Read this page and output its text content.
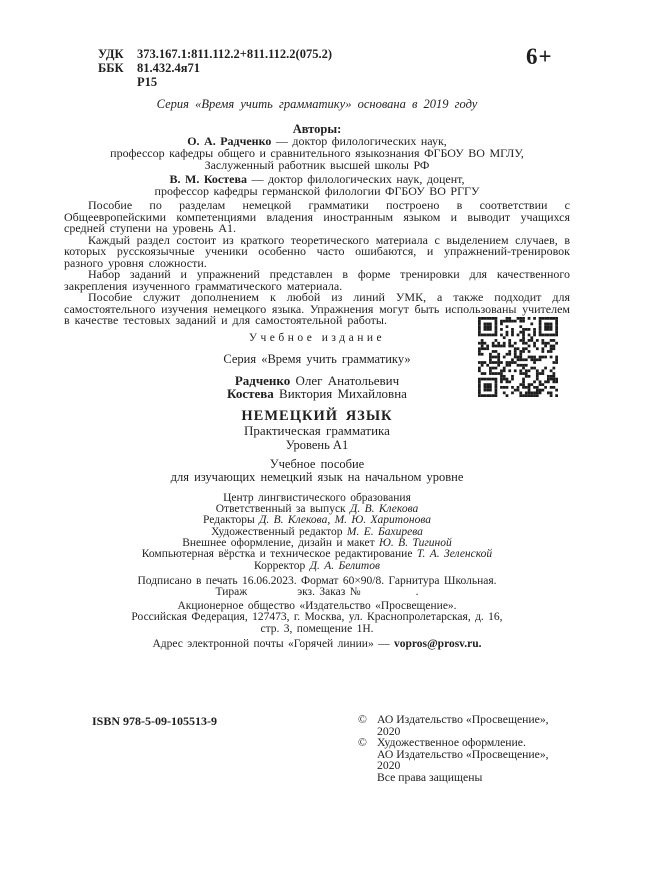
6+
УДК	373.167.1:811.112.2+811.112.2(075.2)
ББК	81.432.4я71
Р15
Серия «Время учить грамматику» основана в 2019 году
Авторы:
О. А. Радченко — доктор филологических наук,
профессор кафедры общего и сравнительного языкознания ФГБОУ ВО МГЛУ,
Заслуженный работник высшей школы РФ
В. М. Костева — доктор филологических наук, доцент,
профессор кафедры германской филологии ФГБОУ ВО РГГУ

Пособие по разделам немецкой грамматики построено в соответствии с Общеевропейскими компетенциями владения иностранным языком и выводит учащихся средней ступени на уровень А1.

Каждый раздел состоит из краткого теоретического материала с выделением случаев, в которых русскоязычные ученики особенно часто ошибаются, и упражнений-тренировок разного уровня сложности.

Набор заданий и упражнений представлен в форме тренировки для качественного закрепления изученного грамматического материала.

Пособие служит дополнением к любой из линий УМК, а также подходит для самостоятельного изучения немецкого языка. Упражнения могут быть использованы учителем в качестве тестовых заданий и для самостоятельной работы.

Учебное издание
Серия «Время учить грамматику»
Радченко Олег Анатольевич
Костева Виктория Михайловна
НЕМЕЦКИЙ ЯЗЫК
Практическая грамматика
Уровень А1
Учебное пособие
для изучающих немецкий язык на начальном уровне
Центр лингвистического образования
Ответственный за выпуск Д. В. Клекова
Редакторы Д. В. Клекова, М. Ю. Харитонова
Художественный редактор М. Е. Бахирева
Внешнее оформление, дизайн и макет Ю. В. Тигиной
Компьютерная вёрстка и техническое редактирование Т. А. Зеленской
Корректор Д. А. Белитов
Подписано в печать 16.06.2023. Формат 60×90/8. Гарнитура Школьная.
Тираж	экз. Заказ №	.
Акционерное общество «Издательство «Просвещение».
Российская Федерация, 127473, г. Москва, ул. Краснопролетарская, д. 16,
стр. 3, помещение 1Н.
Адрес электронной почты «Горячей линии» — vopros@prosv.ru.
ISBN 978-5-09-105513-9	© АО Издательство «Просвещение», 2020
© Художественное оформление.
АО Издательство «Просвещение», 2020
Все права защищены
